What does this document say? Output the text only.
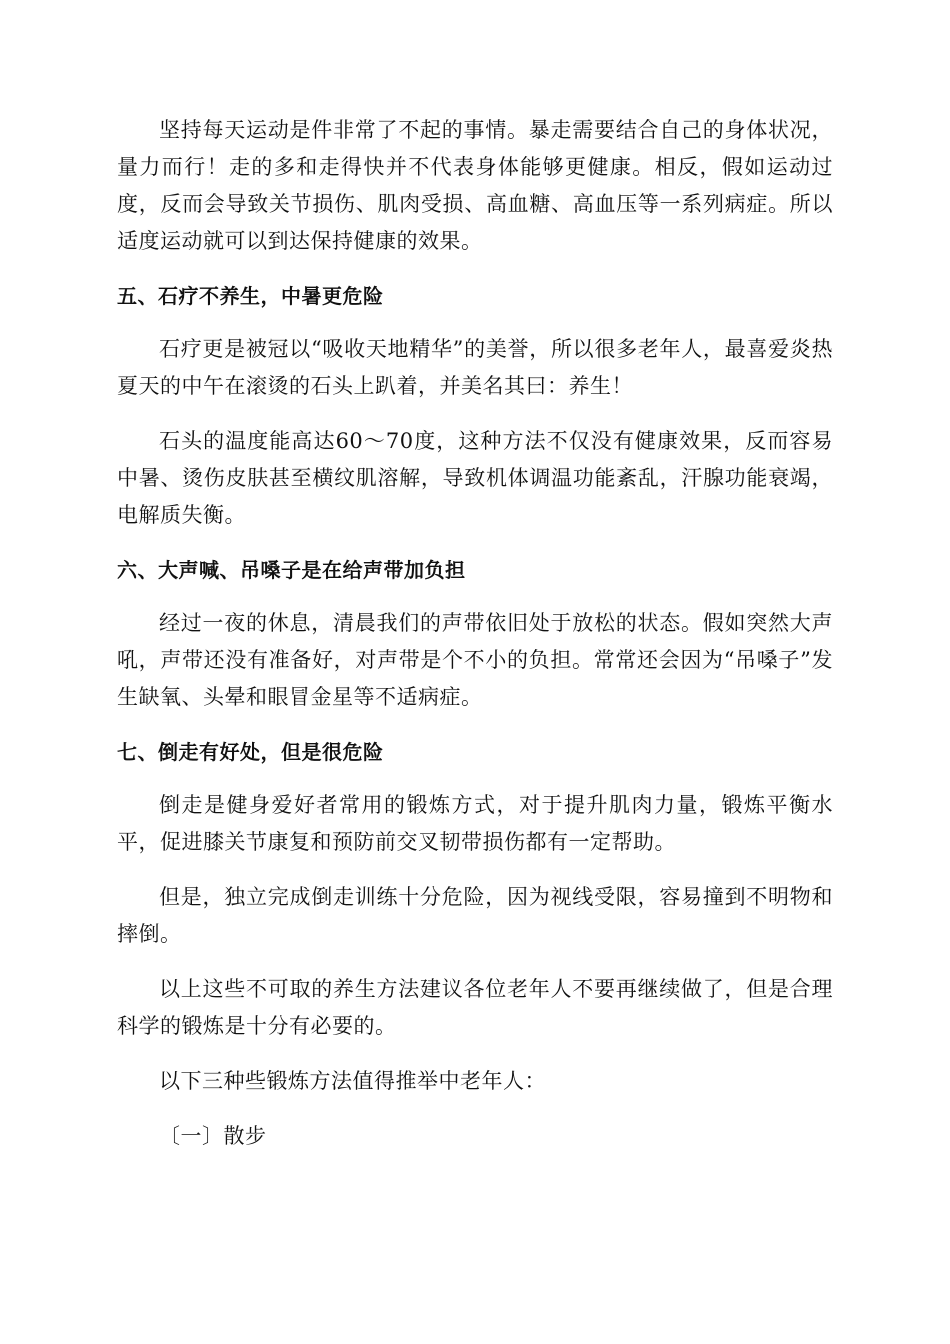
坚持每天运动是件非常了不起的事情。暴走需要结合自己的身体状况，量力而行！走的多和走得快并不代表身体能够更健康。相反，假如运动过度，反而会导致关节损伤、肌肉受损、高血糖、高血压等一系列病症。所以适度运动就可以到达保持健康的效果。

五、石疗不养生，中暑更危险

石疗更是被冠以“吸收天地精华”的美誉，所以很多老年人，最喜爱炎热夏天的中午在滚烫的石头上趴着，并美名其曰：养生！

石头的温度能高达60～70度，这种方法不仅没有健康效果，反而容易中暑、烫伤皮肤甚至横纹肌溶解，导致机体调温功能紊乱，汗腺功能衰竭，电解质失衡。

六、大声喊、吊嗓子是在给声带加负担

经过一夜的休息，清晨我们的声带依旧处于放松的状态。假如突然大声吼，声带还没有准备好，对声带是个不小的负担。常常还会因为“吊嗓子”发生缺氧、头晕和眼冒金星等不适病症。

七、倒走有好处，但是很危险

倒走是健身爱好者常用的锻炼方式，对于提升肌肉力量，锻炼平衡水平，促进膝关节康复和预防前交叉韧带损伤都有一定帮助。

但是，独立完成倒走训练十分危险，因为视线受限，容易撞到不明物和摔倒。

以上这些不可取的养生方法建议各位老年人不要再继续做了，但是合理科学的锻炼是十分有必要的。

以下三种些锻炼方法值得推举中老年人：

〔一〕散步
